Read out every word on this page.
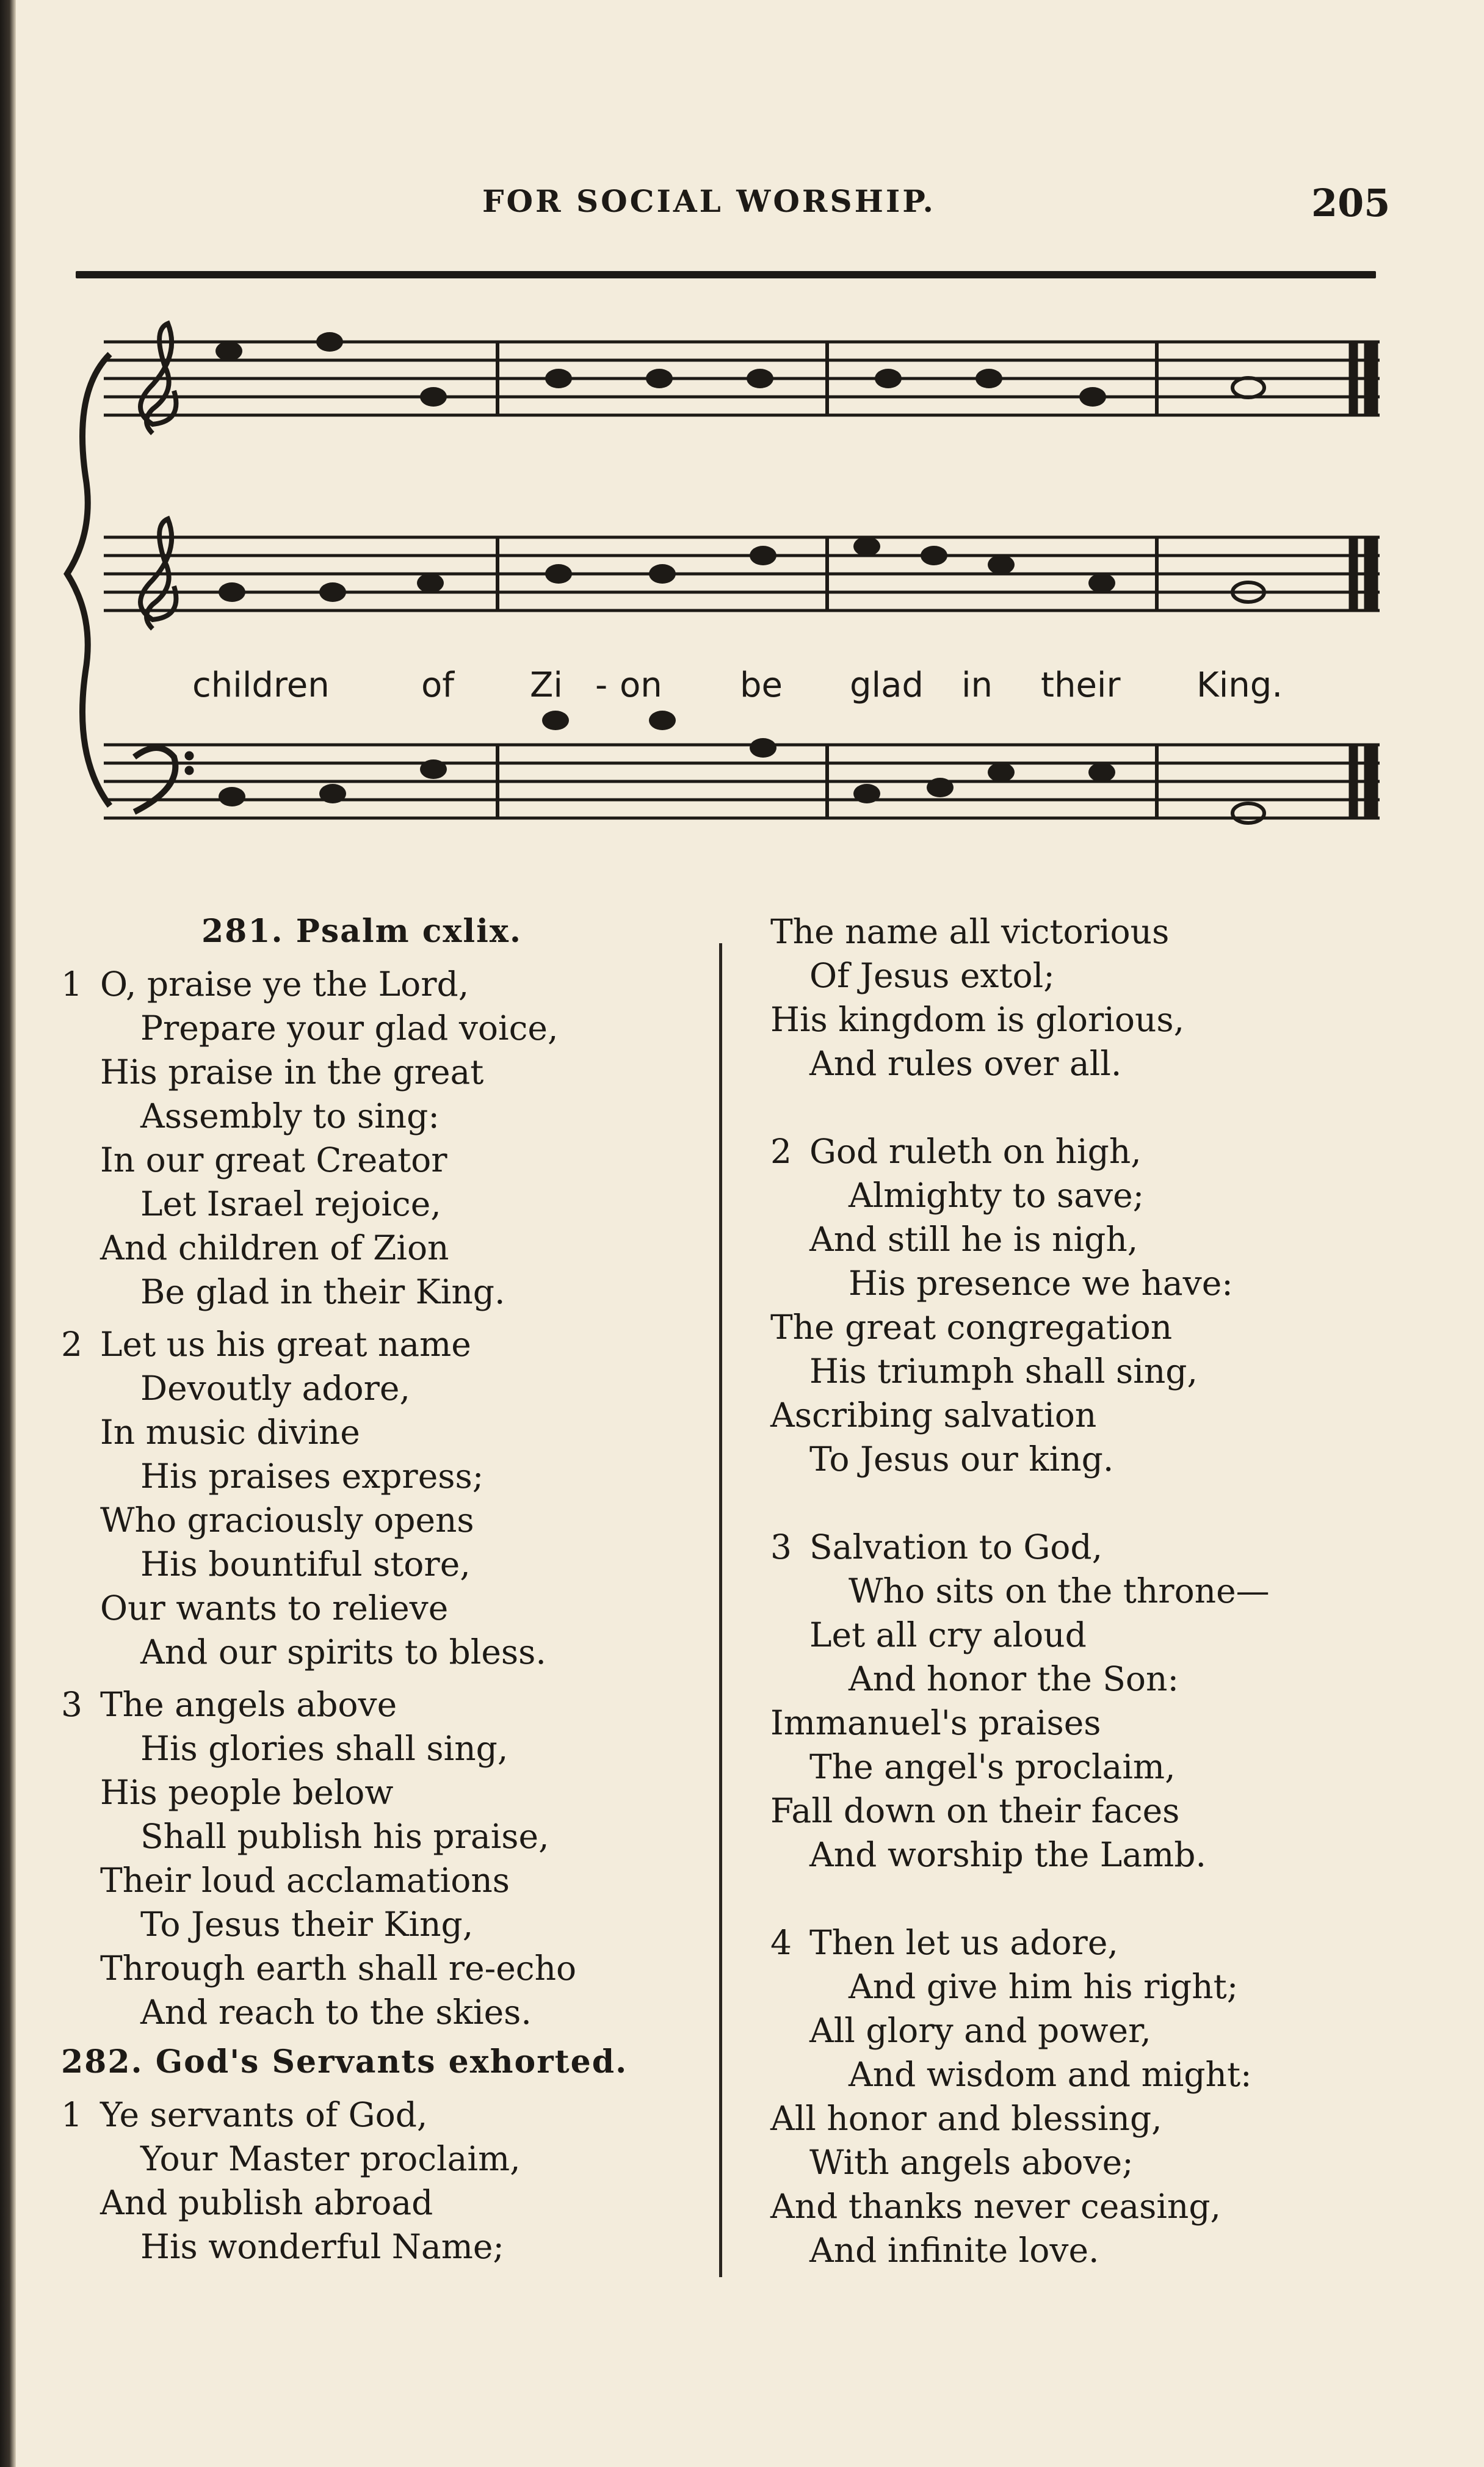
FOR SOCIAL WORSHIP.	205
children	of Zi - on be glad in their King.
281. Psalm cxlix.
1 O, praise ye the Lord,
Prepare your glad voice,
His praise in the great
Assembly to sing:
In our great Creator
Let Israel rejoice,
And children of Zion
Be glad in their King.
2 Let us his great name
Devoutly adore,
In music divine
His praises express;
Who graciously opens
His bountiful store,
Our wants to relieve
And our spirits to bless.
3 The angels above
His glories shall sing,
His people below
Shall publish his praise,
Their loud acclamations
To Jesus their King,
Through earth shall re-echo
And reach to the skies.
282. God's Servants exhorted.
1 Ye servants of God,
Your Master proclaim,
And publish abroad
His wonderful Name;
The name all victorious
Of Jesus extol;
His kingdom is glorious,
And rules over all.
2 God ruleth on high,
Almighty to save;
And still he is nigh,
His presence we have:
The great congregation
His triumph shall sing,
Ascribing salvation
To Jesus our king.
3 Salvation to God,
Who sits on the throne—
Let all cry aloud
And honor the Son:
Immanuel's praises
The angel's proclaim,
Fall down on their faces
And worship the Lamb.
4 Then let us adore,
And give him his right;
All glory and power,
And wisdom and might:
All honor and blessing,
With angels above;
And thanks never ceasing,
And infinite love.
